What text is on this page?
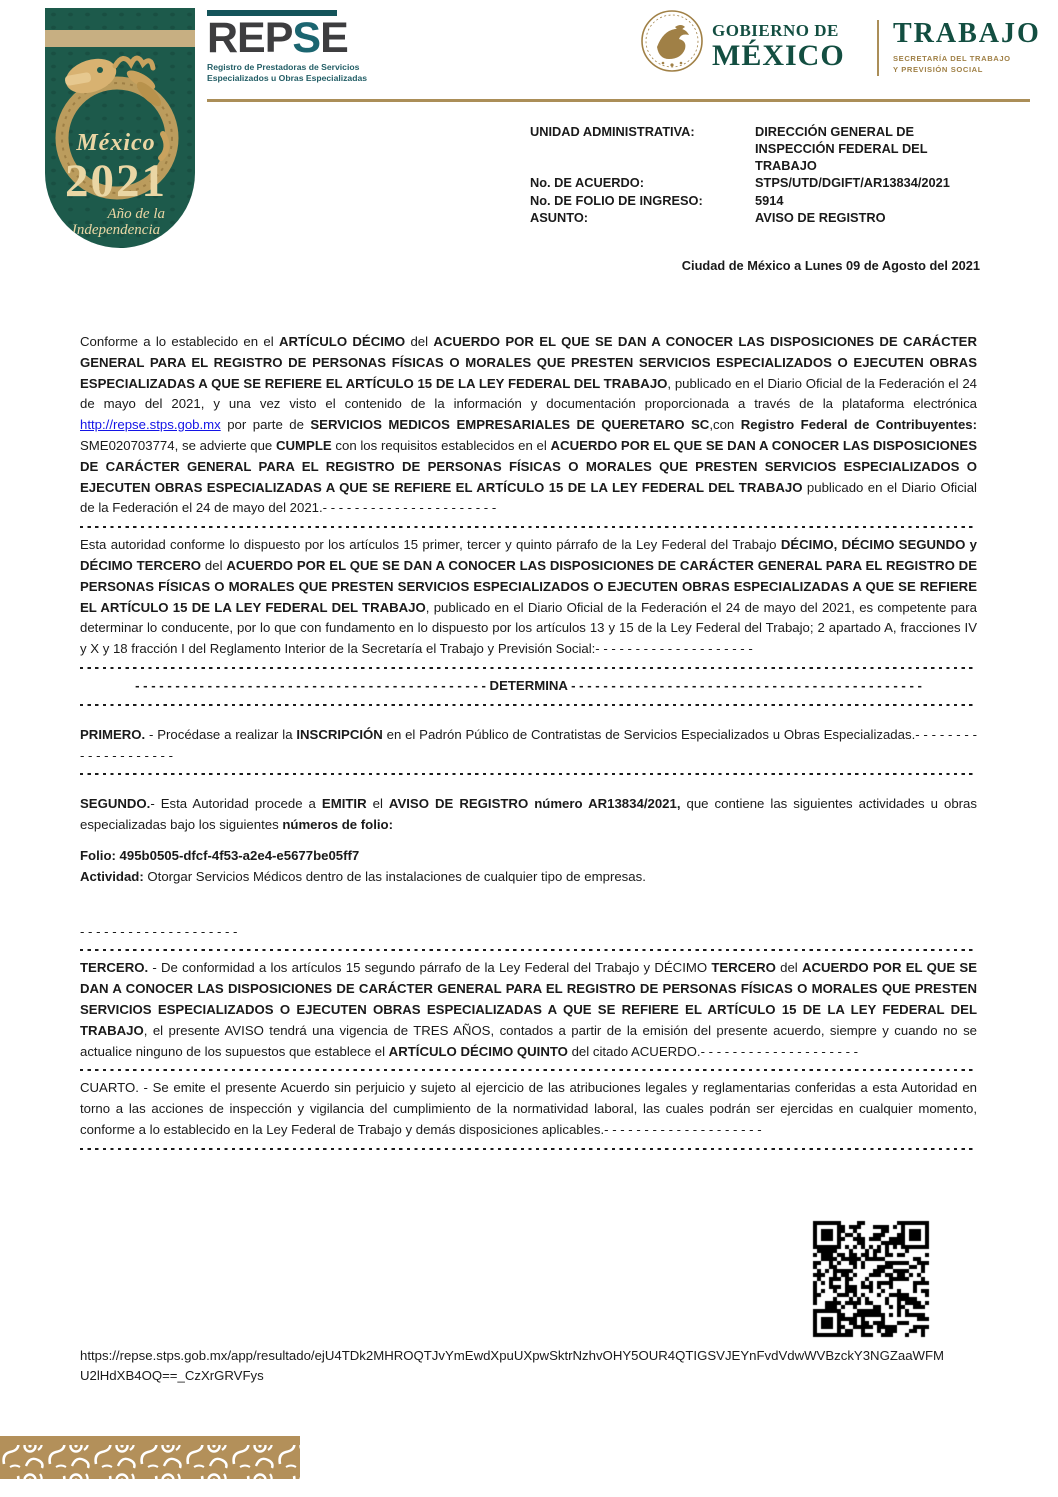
México
2021
Año de la
Independencia
REPSE
Registro de Prestadoras de Servicios
Especializados u Obras Especializadas
GOBIERNO DE
MÉXICO
TRABAJO
SECRETARÍA DEL TRABAJO
Y PREVISIÓN SOCIAL
UNIDAD ADMINISTRATIVA:	DIRECCIÓN GENERAL DE INSPECCIÓN FEDERAL DEL TRABAJO
No. DE ACUERDO:	STPS/UTD/DGIFT/AR13834/2021
No. DE FOLIO DE INGRESO:	5914
ASUNTO:	AVISO DE REGISTRO
Ciudad de México a Lunes 09 de Agosto del 2021

Conforme a lo establecido en el ARTÍCULO DÉCIMO del ACUERDO POR EL QUE SE DAN A CONOCER LAS DISPOSICIONES DE CARÁCTER GENERAL PARA EL REGISTRO DE PERSONAS FÍSICAS O MORALES QUE PRESTEN SERVICIOS ESPECIALIZADOS O EJECUTEN OBRAS ESPECIALIZADAS A QUE SE REFIERE EL ARTÍCULO 15 DE LA LEY FEDERAL DEL TRABAJO, publicado en el Diario Oficial de la Federación el 24 de mayo del 2021, y una vez visto el contenido de la información y documentación proporcionada a través de la plataforma electrónica http://repse.stps.gob.mx por parte de SERVICIOS MEDICOS EMPRESARIALES DE QUERETARO SC,con Registro Federal de Contribuyentes: SME020703774, se advierte que CUMPLE con los requisitos establecidos en el ACUERDO POR EL QUE SE DAN A CONOCER LAS DISPOSICIONES DE CARÁCTER GENERAL PARA EL REGISTRO DE PERSONAS FÍSICAS O MORALES QUE PRESTEN SERVICIOS ESPECIALIZADOS O EJECUTEN OBRAS ESPECIALIZADAS A QUE SE REFIERE EL ARTÍCULO 15 DE LA LEY FEDERAL DEL TRABAJO publicado en el Diario Oficial de la Federación el 24 de mayo del 2021.- - - - - - - - - - - - - - - - - - - - - -

Esta autoridad conforme lo dispuesto por los artículos 15 primer, tercer y quinto párrafo de la Ley Federal del Trabajo DÉCIMO, DÉCIMO SEGUNDO y DÉCIMO TERCERO del ACUERDO POR EL QUE SE DAN A CONOCER LAS DISPOSICIONES DE CARÁCTER GENERAL PARA EL REGISTRO DE PERSONAS FÍSICAS O MORALES QUE PRESTEN SERVICIOS ESPECIALIZADOS O EJECUTEN OBRAS ESPECIALIZADAS A QUE SE REFIERE EL ARTÍCULO 15 DE LA LEY FEDERAL DEL TRABAJO, publicado en el Diario Oficial de la Federación el 24 de mayo del 2021, es competente para determinar lo conducente, por lo que con fundamento en lo dispuesto por los artículos 13 y 15 de la Ley Federal del Trabajo; 2 apartado A, fracciones IV y X y 18 fracción I del Reglamento Interior de la Secretaría el Trabajo y Previsión Social:- - - - - - - - - - - - - - - - - - - -

- - - - - - - - - - - - - - - - - - - - - - - - - - - - - - - - - - - - - - - - - - - - DETERMINA - - - - - - - - - - - - - - - - - - - - - - - - - - - - - - - - - - - - - - - - - - - -

PRIMERO. - Procédase a realizar la INSCRIPCIÓN en el Padrón Público de Contratistas de Servicios Especializados u Obras Especializadas.- - - - - - - - - - - - - - - - - - - -

SEGUNDO.- Esta Autoridad procede a EMITIR el AVISO DE REGISTRO número AR13834/2021, que contiene las siguientes actividades u obras especializadas bajo los siguientes números de folio:

Folio: 495b0505-dfcf-4f53-a2e4-e5677be05ff7

Actividad: Otorgar Servicios Médicos dentro de las instalaciones de cualquier tipo de empresas.

- - - - - - - - - - - - - - - - - - - -

TERCERO. - De conformidad a los artículos 15 segundo párrafo de la Ley Federal del Trabajo y DÉCIMO TERCERO del ACUERDO POR EL QUE SE DAN A CONOCER LAS DISPOSICIONES DE CARÁCTER GENERAL PARA EL REGISTRO DE PERSONAS FÍSICAS O MORALES QUE PRESTEN SERVICIOS ESPECIALIZADOS O EJECUTEN OBRAS ESPECIALIZADAS A QUE SE REFIERE EL ARTÍCULO 15 DE LA LEY FEDERAL DEL TRABAJO, el presente AVISO tendrá una vigencia de TRES AÑOS, contados a partir de la emisión del presente acuerdo, siempre y cuando no se actualice ninguno de los supuestos que establece el ARTÍCULO DÉCIMO QUINTO del citado ACUERDO.- - - - - - - - - - - - - - - - - - - -

CUARTO. - Se emite el presente Acuerdo sin perjuicio y sujeto al ejercicio de las atribuciones legales y reglamentarias conferidas a esta Autoridad en torno a las acciones de inspección y vigilancia del cumplimiento de la normatividad laboral, las cuales podrán ser ejercidas en cualquier momento, conforme a lo establecido en la Ley Federal de Trabajo y demás disposiciones aplicables.- - - - - - - - - - - - - - - - - - - -

https://repse.stps.gob.mx/app/resultado/ejU4TDk2MHROQTJvYmEwdXpuUXpwSktrNzhvOHY5OUR4QTIGSVJEYnFvdVdwWVBzckY3NGZaaWFMU2lHdXB4OQ==_CzXrGRVFys
